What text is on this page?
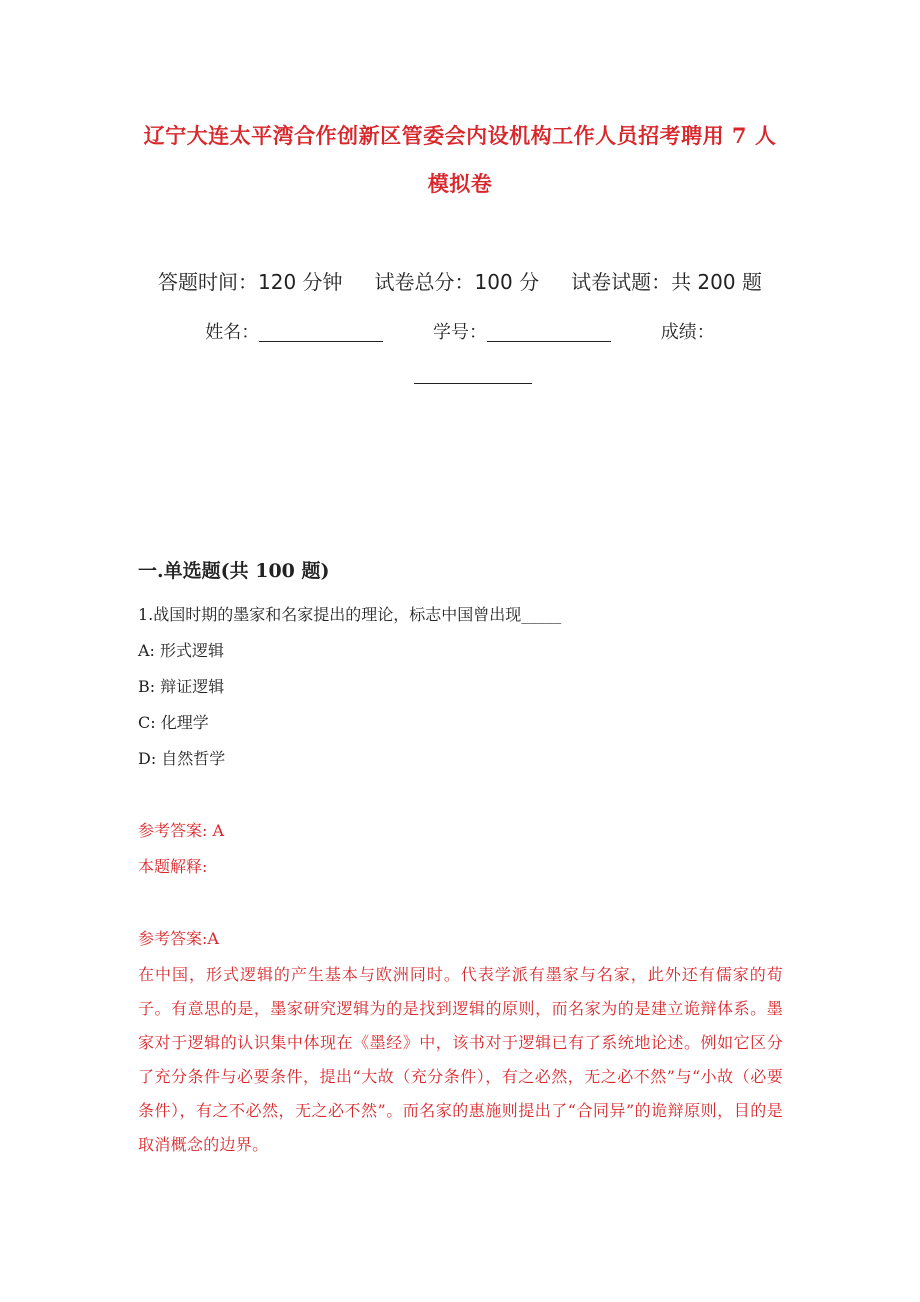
辽宁大连太平湾合作创新区管委会内设机构工作人员招考聘用 7 人
模拟卷
答题时间：120 分钟 试卷总分：100 分 试卷试题：共 200 题
姓名：	学号：	成绩：
一.单选题(共 100 题)
1.战国时期的墨家和名家提出的理论，标志中国曾出现_____
A: 形式逻辑
B: 辩证逻辑
C: 化理学
D: 自然哲学
参考答案: A
本题解释:
参考答案:A
在中国，形式逻辑的产生基本与欧洲同时。代表学派有墨家与名家，此外还有儒家的荀子。有意思的是，墨家研究逻辑为的是找到逻辑的原则，而名家为的是建立诡辩体系。墨家对于逻辑的认识集中体现在《墨经》中，该书对于逻辑已有了系统地论述。例如它区分了充分条件与必要条件，提出“大故（充分条件），有之必然，无之必不然”与“小故（必要条件），有之不必然，无之必不然”。而名家的惠施则提出了“合同异”的诡辩原则，目的是取消概念的边界。
